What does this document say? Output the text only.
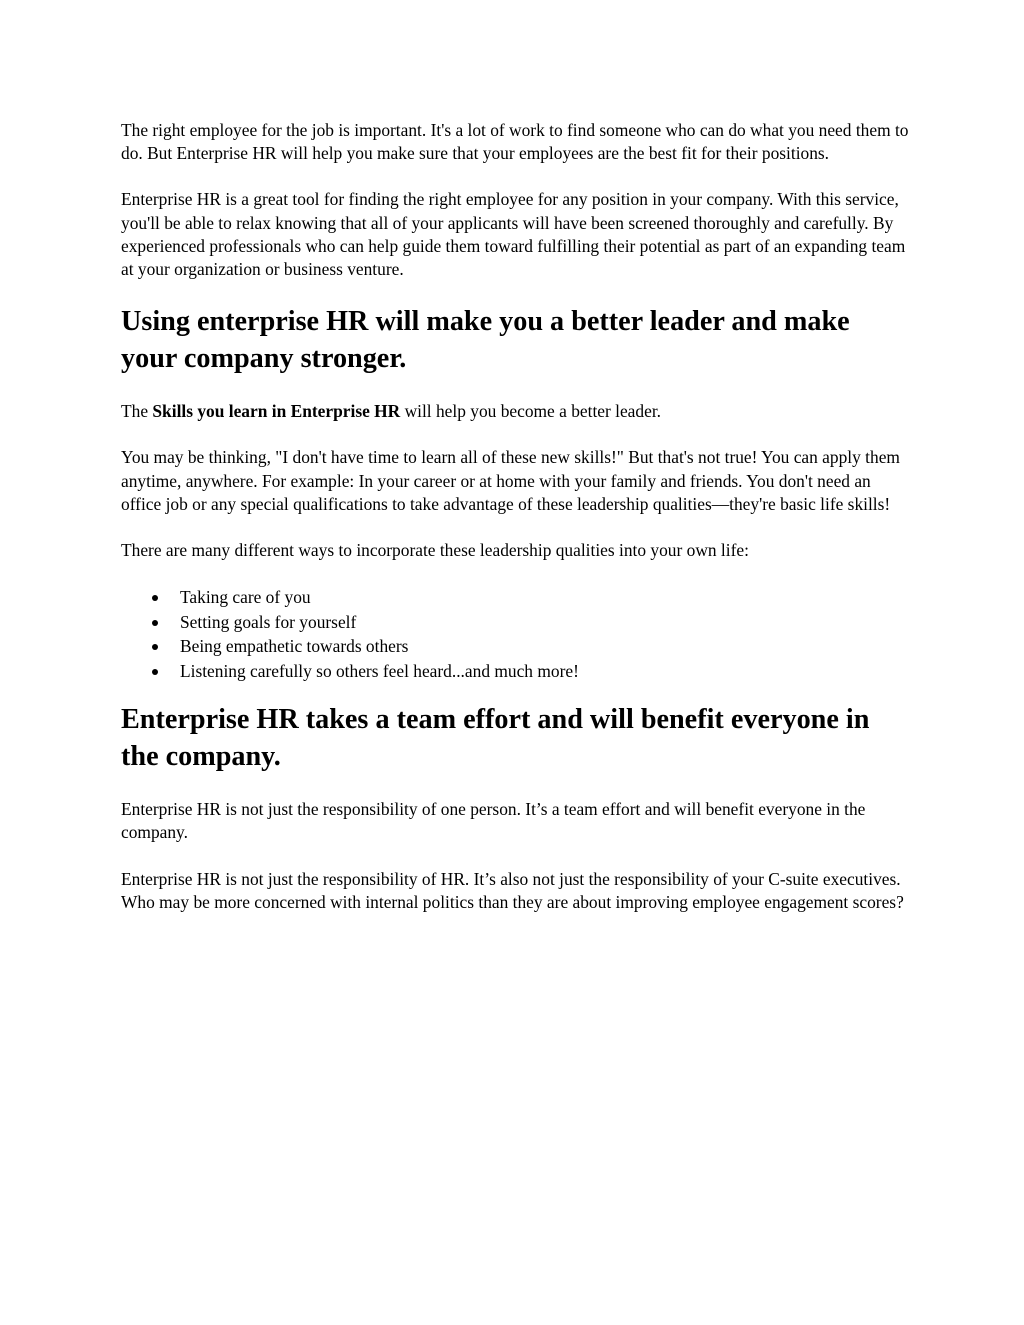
The right employee for the job is important. It's a lot of work to find someone who can do what you need them to do. But Enterprise HR will help you make sure that your employees are the best fit for their positions.

Enterprise HR is a great tool for finding the right employee for any position in your company. With this service, you'll be able to relax knowing that all of your applicants will have been screened thoroughly and carefully. By experienced professionals who can help guide them toward fulfilling their potential as part of an expanding team at your organization or business venture.

Using enterprise HR will make you a better leader and make your company stronger.

The Skills you learn in Enterprise HR will help you become a better leader.

You may be thinking, "I don't have time to learn all of these new skills!" But that's not true! You can apply them anytime, anywhere. For example: In your career or at home with your family and friends. You don't need an office job or any special qualifications to take advantage of these leadership qualities—they're basic life skills!

There are many different ways to incorporate these leadership qualities into your own life:

Taking care of you
Setting goals for yourself
Being empathetic towards others
Listening carefully so others feel heard...and much more!
Enterprise HR takes a team effort and will benefit everyone in the company.

Enterprise HR is not just the responsibility of one person. It’s a team effort and will benefit everyone in the company.

Enterprise HR is not just the responsibility of HR. It’s also not just the responsibility of your C-suite executives. Who may be more concerned with internal politics than they are about improving employee engagement scores?
